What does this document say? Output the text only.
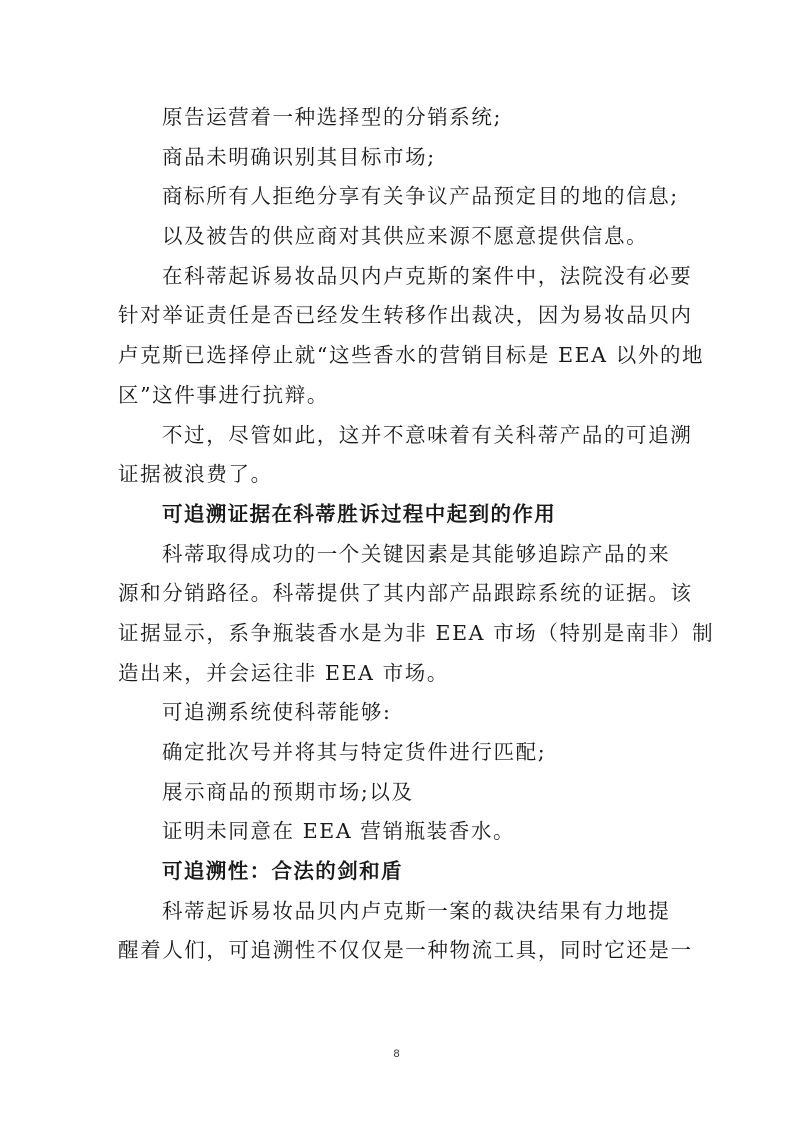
原告运营着一种选择型的分销系统;
商品未明确识别其目标市场;
商标所有人拒绝分享有关争议产品预定目的地的信息;
以及被告的供应商对其供应来源不愿意提供信息。
在科蒂起诉易妆品贝内卢克斯的案件中，法院没有必要
针对举证责任是否已经发生转移作出裁决，因为易妆品贝内
卢克斯已选择停止就“这些香水的营销目标是 EEA 以外的地
区”这件事进行抗辩。
不过，尽管如此，这并不意味着有关科蒂产品的可追溯
证据被浪费了。
可追溯证据在科蒂胜诉过程中起到的作用
科蒂取得成功的一个关键因素是其能够追踪产品的来
源和分销路径。科蒂提供了其内部产品跟踪系统的证据。该
证据显示，系争瓶装香水是为非 EEA 市场（特别是南非）制
造出来，并会运往非 EEA 市场。
可追溯系统使科蒂能够:
确定批次号并将其与特定货件进行匹配;
展示商品的预期市场;以及
证明未同意在 EEA 营销瓶装香水。
可追溯性：合法的剑和盾
科蒂起诉易妆品贝内卢克斯一案的裁决结果有力地提
醒着人们，可追溯性不仅仅是一种物流工具，同时它还是一
8
